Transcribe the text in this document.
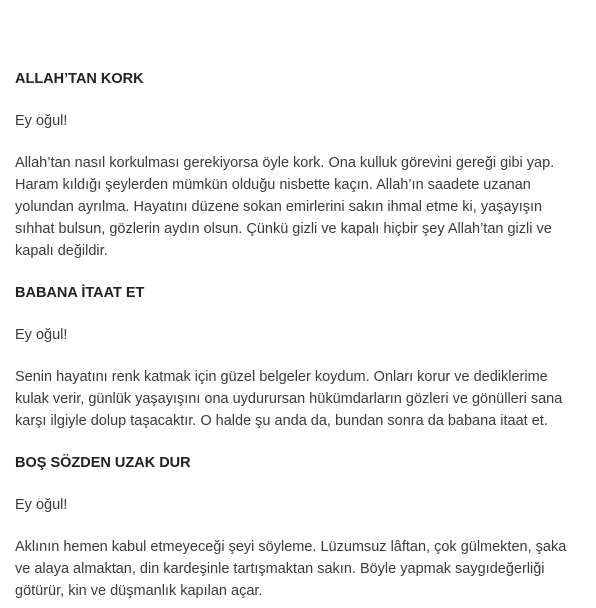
ALLAH’TAN KORK

Ey oğul!

Allah’tan nasıl korkulması gerekiyorsa öyle kork. Ona kulluk görevini gereği gibi yap. Haram kıldığı şeylerden mümkün olduğu nisbette kaçın. Allah’ın saadete uzanan yolundan ayrılma. Hayatını düzene sokan emirlerini sakın ihmal etme ki, yaşayışın sıhhat bulsun, gözlerin aydın olsun. Çünkü gizli ve kapalı hiçbir şey Allah’tan gizli ve kapalı değildir.

BABANA İTAAT ET

Ey oğul!

Senin hayatını renk katmak için güzel belgeler koydum. Onları korur ve dediklerime kulak verir, günlük yaşayışını ona uydurursan hükümdarların gözleri ve gönülleri sana karşı ilgiyle dolup taşacaktır. O halde şu anda da, bundan sonra da babana itaat et.

BOŞ SÖZDEN UZAK DUR

Ey oğul!

Aklının hemen kabul etmeyeceği şeyi söyleme. Lüzumsuz lâftan, çok gülmekten, şaka ve alaya almaktan, din kardeşinle tartışmaktan sakın. Böyle yapmak saygıdeğerliği götürür, kin ve düşmanlık kapılan açar.
